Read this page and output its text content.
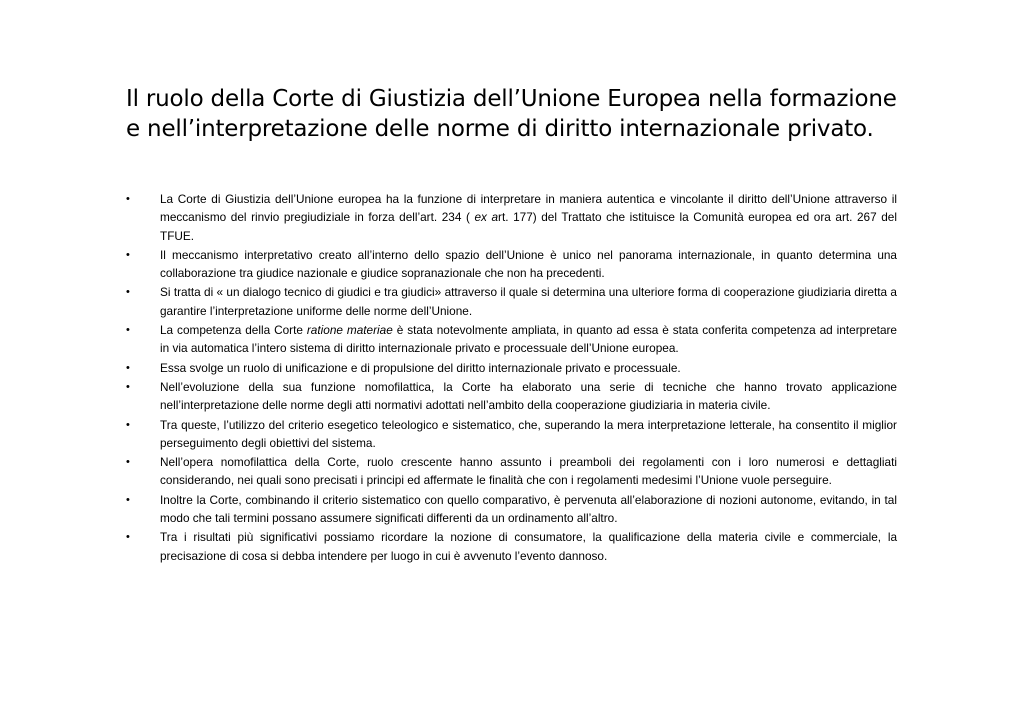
Il ruolo della Corte di Giustizia dell’Unione Europea nella formazione e nell’interpretazione delle norme di diritto internazionale privato.
•	La Corte di Giustizia dell’Unione europea ha la funzione di interpretare in maniera autentica e vincolante il diritto dell’Unione attraverso il meccanismo del rinvio pregiudiziale in forza dell’art. 234 ( ex art. 177) del Trattato che istituisce la Comunità europea ed ora art. 267 del TFUE.
•	Il meccanismo interpretativo creato all’interno dello spazio dell’Unione è unico nel panorama internazionale, in quanto determina una collaborazione tra giudice nazionale e giudice sopranazionale che non ha precedenti.
•	Si tratta di « un dialogo tecnico di giudici e tra giudici» attraverso il quale si determina una ulteriore forma di cooperazione giudiziaria diretta a garantire l’interpretazione uniforme delle norme dell’Unione.
•	La competenza della Corte ratione materiae è stata notevolmente ampliata, in quanto ad essa è stata conferita competenza ad interpretare in via automatica l’intero sistema di diritto internazionale privato e processuale dell’Unione europea.
•	Essa svolge un ruolo di unificazione e di propulsione del diritto internazionale privato e processuale.
•	Nell’evoluzione della sua funzione nomofilattica, la Corte ha elaborato una serie di tecniche che hanno trovato applicazione nell’interpretazione delle norme degli atti normativi adottati nell’ambito della cooperazione giudiziaria in materia civile.
•	Tra queste, l’utilizzo del criterio esegetico teleologico e sistematico, che, superando la mera interpretazione letterale, ha consentito il miglior perseguimento degli obiettivi del sistema.
•	Nell’opera nomofilattica della Corte, ruolo crescente hanno assunto i preamboli dei regolamenti con i loro numerosi e dettagliati considerando, nei quali sono precisati i principi ed affermate le finalità che con i regolamenti medesimi l’Unione vuole perseguire.
•	Inoltre la Corte, combinando il criterio sistematico con quello comparativo, è pervenuta all’elaborazione di nozioni autonome, evitando, in tal modo che tali termini possano assumere significati differenti da un ordinamento all’altro.
•	Tra i risultati più significativi possiamo ricordare la nozione di consumatore, la qualificazione della materia civile e commerciale, la precisazione di cosa si debba intendere per luogo in cui è avvenuto l’evento dannoso.
